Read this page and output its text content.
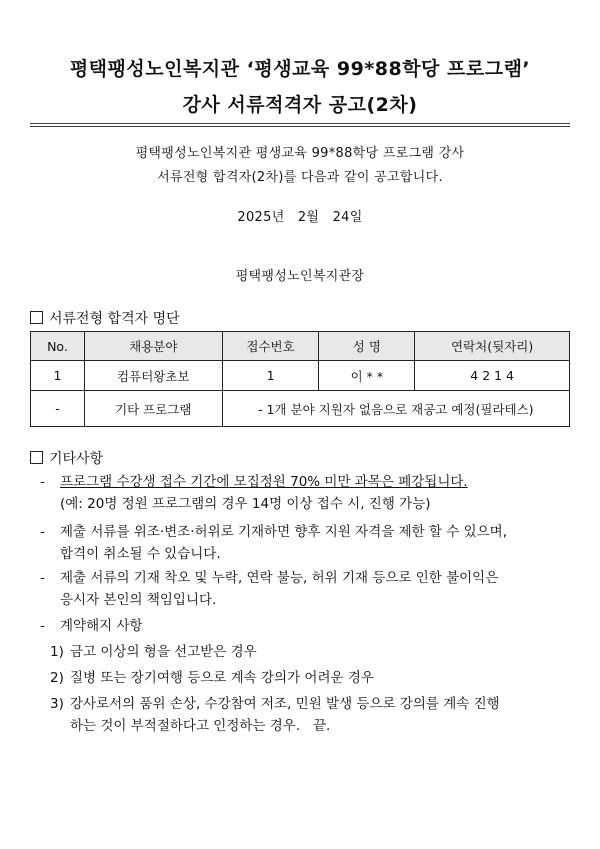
평택팽성노인복지관 ‘평생교육 99*88학당 프로그램’
강사 서류적격자 공고(2차)
평택팽성노인복지관 평생교육 99*88학당 프로그램 강사
서류전형 합격자(2차)를 다음과 같이 공고합니다.
2025년   2월   24일
평택팽성노인복지관장
서류전형 합격자 명단
No.	채용분야	접수번호	성 명	연락처(뒷자리)
1	컴퓨터왕초보	1	이 * *	4 2 1 4
-	기타 프로그램	- 1개 분야 지원자 없음으로 재공고 예정(필라테스)		
기타사항
- 프로그램 수강생 접수 기간에 모집정원 70% 미만 과목은 폐강됩니다.
(예: 20명 정원 프로그램의 경우 14명 이상 접수 시, 진행 가능)
- 제출 서류를 위조·변조·허위로 기재하면 향후 지원 자격을 제한 할 수 있으며,
합격이 취소될 수 있습니다.
- 제출 서류의 기재 착오 및 누락, 연락 불능, 허위 기재 등으로 인한 불이익은
응시자 본인의 책임입니다.
- 계약해지 사항
1) 금고 이상의 형을 선고받은 경우
2) 질병 또는 장기여행 등으로 계속 강의가 어려운 경우
3) 강사로서의 품위 손상, 수강참여 저조, 민원 발생 등으로 강의를 계속 진행
하는 것이 부적절하다고 인정하는 경우.   끝.
